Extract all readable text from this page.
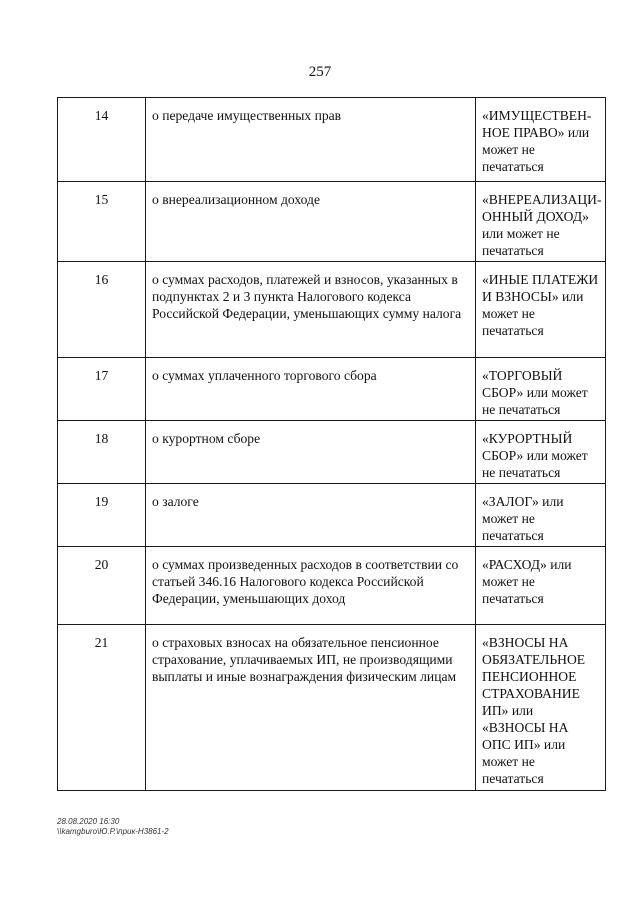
257
14	о передаче имущественных прав	«ИМУЩЕСТВЕН-НОЕ ПРАВО» или может не печататься
15	о внереализационном доходе	«ВНЕРЕАЛИЗАЦИ-ОННЫЙ ДОХОД» или может не печататься
16	о суммах расходов, платежей и взносов, указанных в подпунктах 2 и 3 пункта Налогового кодекса Российской Федерации, уменьшающих сумму налога	«ИНЫЕ ПЛАТЕЖИ И ВЗНОСЫ» или может не печататься
17	о суммах уплаченного торгового сбора	«ТОРГОВЫЙ СБОР» или может не печататься
18	о курортном сборе	«КУРОРТНЫЙ СБОР» или может не печататься
19	о залоге	«ЗАЛОГ» или может не печататься
20	о суммах произведенных расходов в соответствии со статьей 346.16 Налогового кодекса Российской Федерации, уменьшающих доход	«РАСХОД» или может не печататься
21	о страховых взносах на обязательное пенсионное страхование, уплачиваемых ИП, не производящими выплаты и иные вознаграждения физическим лицам	«ВЗНОСЫ НА ОБЯЗАТЕЛЬНОЕ ПЕНСИОННОЕ СТРАХОВАНИЕ ИП» или «ВЗНОСЫ НА ОПС ИП» или может не печататься
28.08.2020 16:30
\\kamgburo\Ю.Р.\прик-Н3861-2
